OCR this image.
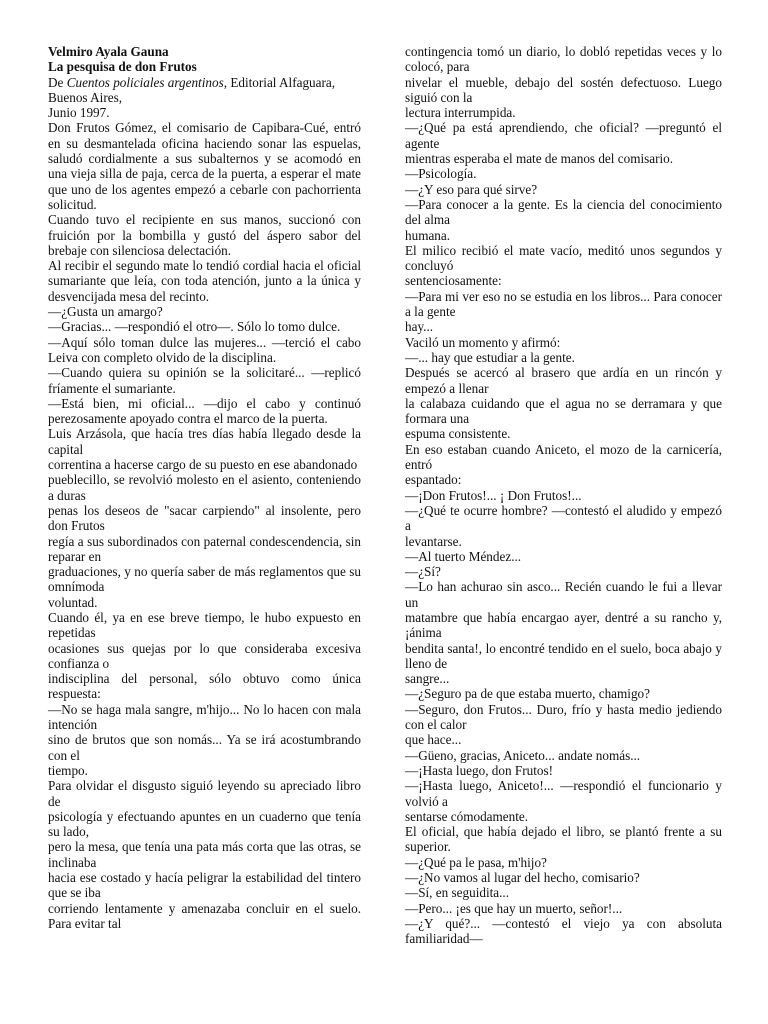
Velmiro Ayala Gauna

La pesquisa de don Frutos

De Cuentos policiales argentinos, Editorial Alfaguara, Buenos Aires,

Junio 1997.

Don Frutos Gómez, el comisario de Capibara-Cué, entró en su desmantelada oficina haciendo sonar las espuelas, saludó cordialmente a sus subalternos y se acomodó en una vieja silla de paja, cerca de la puerta, a esperar el mate que uno de los agentes empezó a cebarle con pachorrienta solicitud.

Cuando tuvo el recipiente en sus manos, succionó con fruición por la bombilla y gustó del áspero sabor del brebaje con silenciosa delectación.

Al recibir el segundo mate lo tendió cordial hacia el oficial sumariante que leía, con toda atención, junto a la única y desvencijada mesa del recinto.

—¿Gusta un amargo?

—Gracias... —respondió el otro—. Sólo lo tomo dulce.

—Aquí sólo toman dulce las mujeres... —terció el cabo Leiva con completo olvido de la disciplina.

—Cuando quiera su opinión se la solicitaré... —replicó fríamente el sumariante.

—Está bien, mi oficial... —dijo el cabo y continuó perezosamente apoyado contra el marco de la puerta.

Luis Arzásola, que hacía tres días había llegado desde la capital

correntina a hacerse cargo de su puesto en ese abandonado

pueblecillo, se revolvió molesto en el asiento, conteniendo a duras

penas los deseos de "sacar carpiendo" al insolente, pero don Frutos

regía a sus subordinados con paternal condescendencia, sin reparar en

graduaciones, y no quería saber de más reglamentos que su omnímoda

voluntad.

Cuando él, ya en ese breve tiempo, le hubo expuesto en repetidas

ocasiones sus quejas por lo que consideraba excesiva confianza o

indisciplina del personal, sólo obtuvo como única respuesta:

—No se haga mala sangre, m'hijo... No lo hacen con mala intención

sino de brutos que son nomás... Ya se irá acostumbrando con el

tiempo.

Para olvidar el disgusto siguió leyendo su apreciado libro de

psicología y efectuando apuntes en un cuaderno que tenía su lado,

pero la mesa, que tenía una pata más corta que las otras, se inclinaba

hacia ese costado y hacía peligrar la estabilidad del tintero que se iba

corriendo lentamente y amenazaba concluir en el suelo. Para evitar tal

contingencia tomó un diario, lo dobló repetidas veces y lo colocó, para

nivelar el mueble, debajo del sostén defectuoso. Luego siguió con la

lectura interrumpida.

—¿Qué pa está aprendiendo, che oficial? —preguntó el agente

mientras esperaba el mate de manos del comisario.

—Psicología.

—¿Y eso para qué sirve?

—Para conocer a la gente. Es la ciencia del conocimiento del alma

humana.

El milico recibió el mate vacío, meditó unos segundos y concluyó

sentenciosamente:

—Para mi ver eso no se estudia en los libros... Para conocer a la gente

hay...

Vaciló un momento y afirmó:

—... hay que estudiar a la gente.

Después se acercó al brasero que ardía en un rincón y empezó a llenar

la calabaza cuidando que el agua no se derramara y que formara una

espuma consistente.

En eso estaban cuando Aniceto, el mozo de la carnicería, entró

espantado:

—¡Don Frutos!... ¡ Don Frutos!...

—¿Qué te ocurre hombre? —contestó el aludido y empezó a

levantarse.

—Al tuerto Méndez...

—¿Sí?

—Lo han achurao sin asco... Recién cuando le fui a llevar un

matambre que había encargao ayer, dentré a su rancho y, ¡ánima

bendita santa!, lo encontré tendido en el suelo, boca abajo y lleno de

sangre...

—¿Seguro pa de que estaba muerto, chamigo?

—Seguro, don Frutos... Duro, frío y hasta medio jediendo con el calor

que hace...

—Güeno, gracias, Aniceto... andate nomás...

—¡Hasta luego, don Frutos!

—¡Hasta luego, Aniceto!... —respondió el funcionario y volvió a

sentarse cómodamente.

El oficial, que había dejado el libro, se plantó frente a su superior.

—¿Qué pa le pasa, m'hijo?

—¿No vamos al lugar del hecho, comisario?

—Sí, en seguidita...

—Pero... ¡es que hay un muerto, señor!...

—¿Y qué?... —contestó el viejo ya con absoluta familiaridad—
